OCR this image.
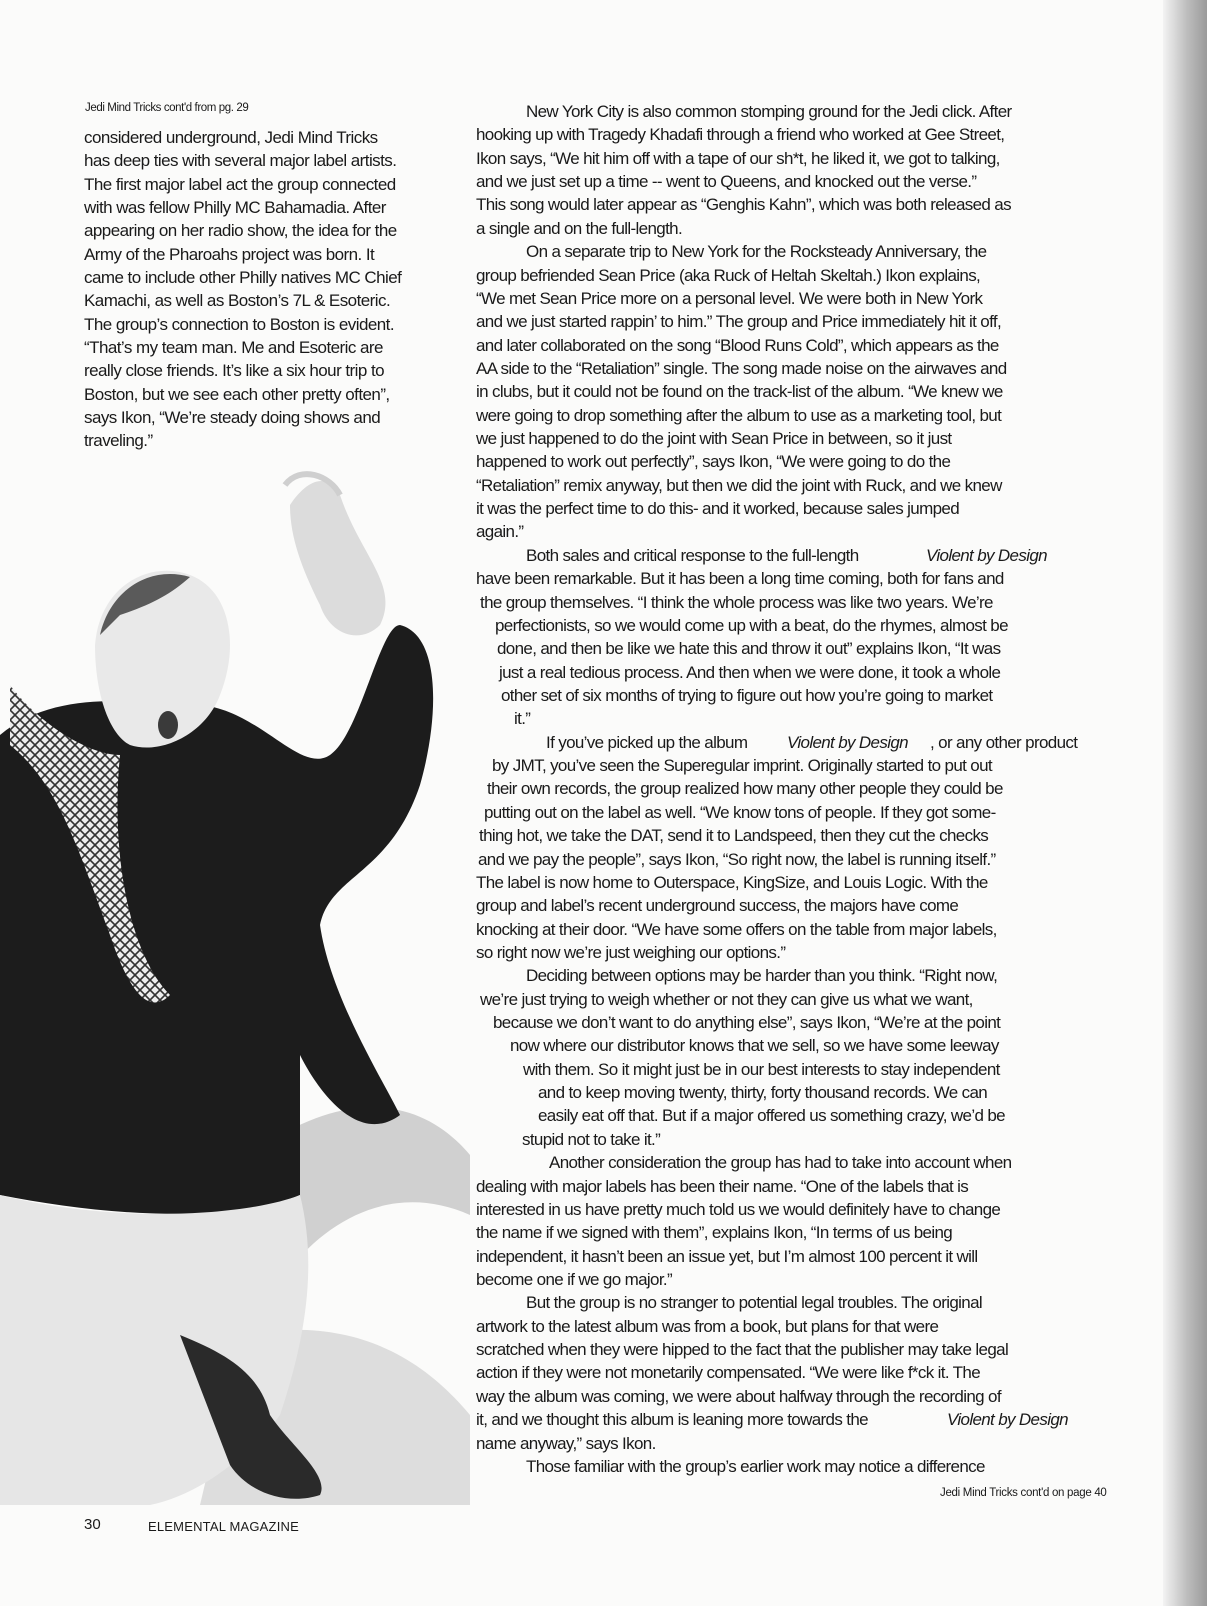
Jedi Mind Tricks cont'd from pg. 29
considered underground, Jedi Mind Tricks
has deep ties with several major label artists.
The first major label act the group connected
with was fellow Philly MC Bahamadia. After
appearing on her radio show, the idea for the
Army of the Pharoahs project was born. It
came to include other Philly natives MC Chief
Kamachi, as well as Boston’s 7L & Esoteric.
The group’s connection to Boston is evident.
“That’s my team man. Me and Esoteric are
really close friends. It’s like a six hour trip to
Boston, but we see each other pretty often”,
says Ikon, “We’re steady doing shows and
traveling.”
New York City is also common stomping ground for the Jedi click. After
hooking up with Tragedy Khadafi through a friend who worked at Gee Street,
Ikon says, “We hit him off with a tape of our sh*t, he liked it, we got to talking,
and we just set up a time -- went to Queens, and knocked out the verse.”
This song would later appear as “Genghis Kahn”, which was both released as
a single and on the full-length.
On a separate trip to New York for the Rocksteady Anniversary, the
group befriended Sean Price (aka Ruck of Heltah Skeltah.) Ikon explains,
“We met Sean Price more on a personal level. We were both in New York
and we just started rappin’ to him.” The group and Price immediately hit it off,
and later collaborated on the song “Blood Runs Cold”, which appears as the
AA side to the “Retaliation” single. The song made noise on the airwaves and
in clubs, but it could not be found on the track-list of the album. “We knew we
were going to drop something after the album to use as a marketing tool, but
we just happened to do the joint with Sean Price in between, so it just
happened to work out perfectly”, says Ikon, “We were going to do the
“Retaliation” remix anyway, but then we did the joint with Ruck, and we knew
it was the perfect time to do this- and it worked, because sales jumped
again.”
Both sales and critical response to the full-length	Violent by Design
have been remarkable. But it has been a long time coming, both for fans and
the group themselves. “I think the whole process was like two years. We’re
perfectionists, so we would come up with a beat, do the rhymes, almost be
done, and then be like we hate this and throw it out” explains Ikon, “It was
just a real tedious process. And then when we were done, it took a whole
other set of six months of trying to figure out how you’re going to market
it.”
If you’ve picked up the album Violent by Design , or any other product
by JMT, you’ve seen the Superegular imprint. Originally started to put out
their own records, the group realized how many other people they could be
putting out on the label as well. “We know tons of people. If they got some-
thing hot, we take the DAT, send it to Landspeed, then they cut the checks
and we pay the people”, says Ikon, “So right now, the label is running itself.”
The label is now home to Outerspace, KingSize, and Louis Logic. With the
group and label’s recent underground success, the majors have come
knocking at their door. “We have some offers on the table from major labels,
so right now we’re just weighing our options.”
Deciding between options may be harder than you think. “Right now,
we’re just trying to weigh whether or not they can give us what we want,
because we don’t want to do anything else”, says Ikon, “We’re at the point
now where our distributor knows that we sell, so we have some leeway
with them. So it might just be in our best interests to stay independent
and to keep moving twenty, thirty, forty thousand records. We can
easily eat off that. But if a major offered us something crazy, we’d be
stupid not to take it.”
Another consideration the group has had to take into account when
dealing with major labels has been their name. “One of the labels that is
interested in us have pretty much told us we would definitely have to change
the name if we signed with them”, explains Ikon, “In terms of us being
independent, it hasn’t been an issue yet, but I’m almost 100 percent it will
become one if we go major.”
But the group is no stranger to potential legal troubles. The original
artwork to the latest album was from a book, but plans for that were
scratched when they were hipped to the fact that the publisher may take legal
action if they were not monetarily compensated. “We were like f*ck it. The
way the album was coming, we were about halfway through the recording of
it, and we thought this album is leaning more towards the	Violent by Design
name anyway,” says Ikon.
Those familiar with the group’s earlier work may notice a difference
Jedi Mind Tricks cont'd on page 40
30	ELEMENTAL MAGAZINE
